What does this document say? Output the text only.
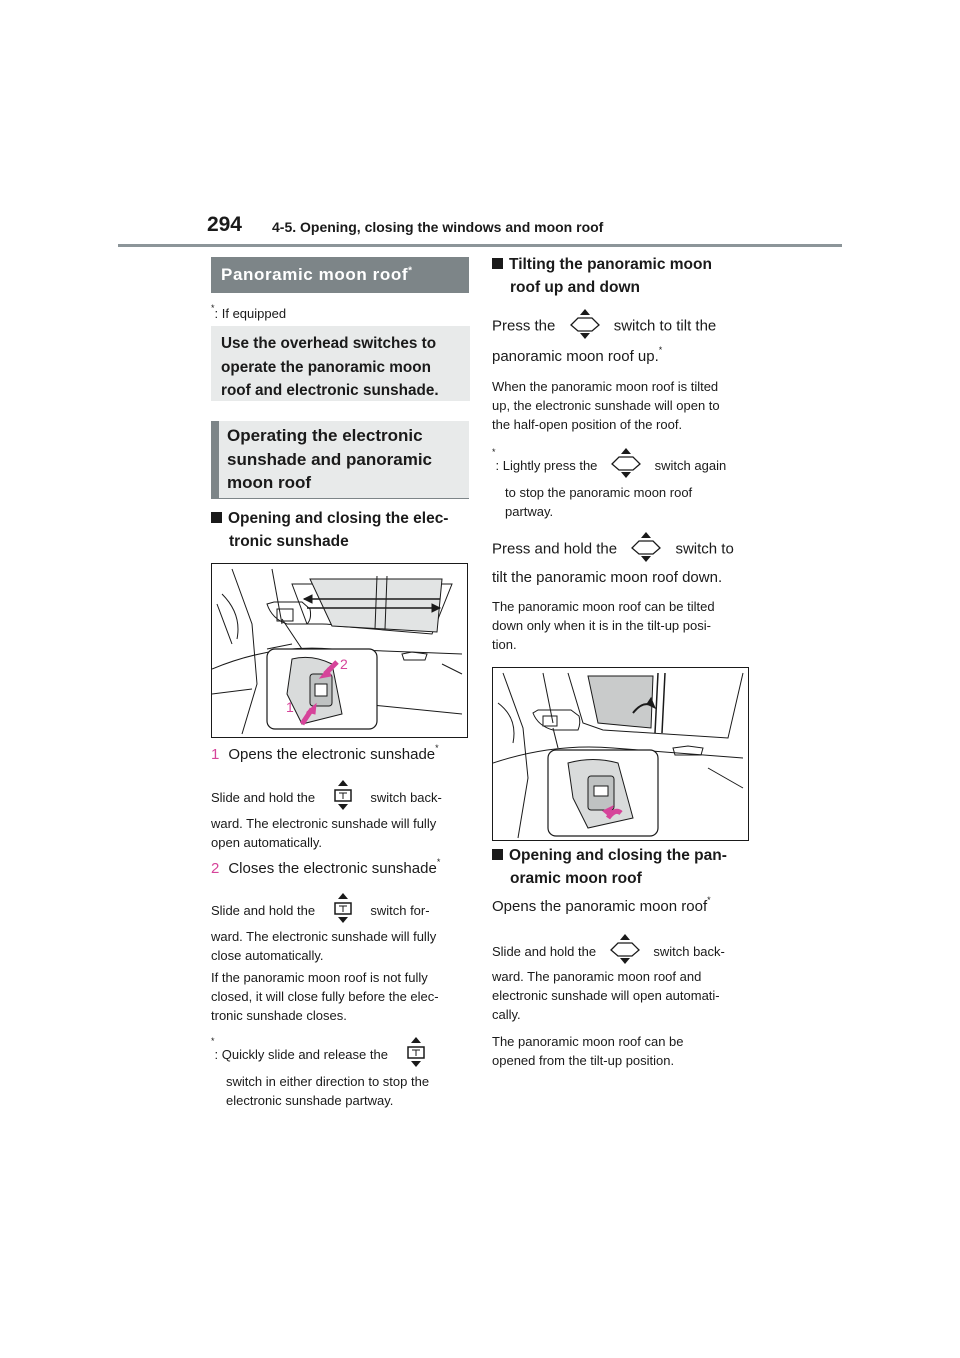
294 4-5. Opening, closing the windows and moon roof
Panoramic moon roof*
*: If equipped
Use the overhead switches to
operate the panoramic moon
roof and electronic sunshade.
Operating the electronic
sunshade and panoramic
moon roof
Opening and closing the elec-
tronic sunshade
2
1
1 Opens the electronic sunshade*
Slide and hold the	switch back-
ward. The electronic sunshade will fully
open automatically.
2 Closes the electronic sunshade*
Slide and hold the	switch for-
ward. The electronic sunshade will fully
close automatically.
If the panoramic moon roof is not fully
closed, it will close fully before the elec-
tronic sunshade closes.
*: Quickly slide and release the
switch in either direction to stop the
electronic sunshade partway.
Tilting the panoramic moon
roof up and down
Press the	switch to tilt the
panoramic moon roof up.*
When the panoramic moon roof is tilted
up, the electronic sunshade will open to
the half-open position of the roof.
*: Lightly press the	switch again
to stop the panoramic moon roof
partway.
Press and hold the	switch to
tilt the panoramic moon roof down.
The panoramic moon roof can be tilted
down only when it is in the tilt-up posi-
tion.
Opening and closing the pan-
oramic moon roof
Opens the panoramic moon roof*
Slide and hold the	switch back-
ward. The panoramic moon roof and
electronic sunshade will open automati-
cally.
The panoramic moon roof can be
opened from the tilt-up position.
